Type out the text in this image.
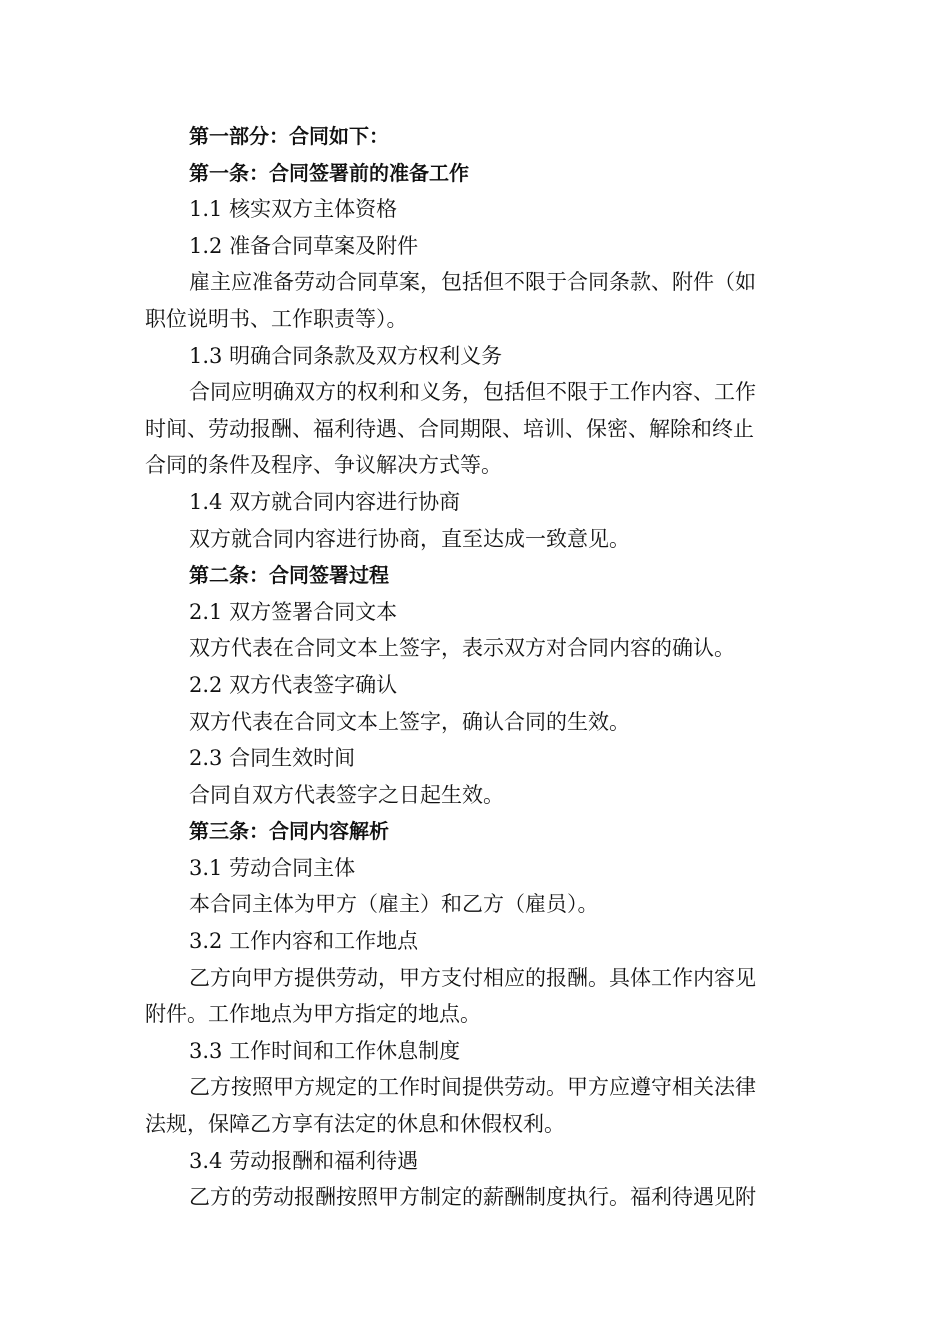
第一部分：合同如下：
第一条：合同签署前的准备工作
1.1 核实双方主体资格
1.2 准备合同草案及附件
雇主应准备劳动合同草案，包括但不限于合同条款、附件（如
职位说明书、工作职责等）。
1.3 明确合同条款及双方权利义务
合同应明确双方的权利和义务，包括但不限于工作内容、工作
时间、劳动报酬、福利待遇、合同期限、培训、保密、解除和终止
合同的条件及程序、争议解决方式等。
1.4 双方就合同内容进行协商
双方就合同内容进行协商，直至达成一致意见。
第二条：合同签署过程
2.1 双方签署合同文本
双方代表在合同文本上签字，表示双方对合同内容的确认。
2.2 双方代表签字确认
双方代表在合同文本上签字，确认合同的生效。
2.3 合同生效时间
合同自双方代表签字之日起生效。
第三条：合同内容解析
3.1 劳动合同主体
本合同主体为甲方（雇主）和乙方（雇员）。
3.2 工作内容和工作地点
乙方向甲方提供劳动，甲方支付相应的报酬。具体工作内容见
附件。工作地点为甲方指定的地点。
3.3 工作时间和工作休息制度
乙方按照甲方规定的工作时间提供劳动。甲方应遵守相关法律
法规，保障乙方享有法定的休息和休假权利。
3.4 劳动报酬和福利待遇
乙方的劳动报酬按照甲方制定的薪酬制度执行。福利待遇见附
